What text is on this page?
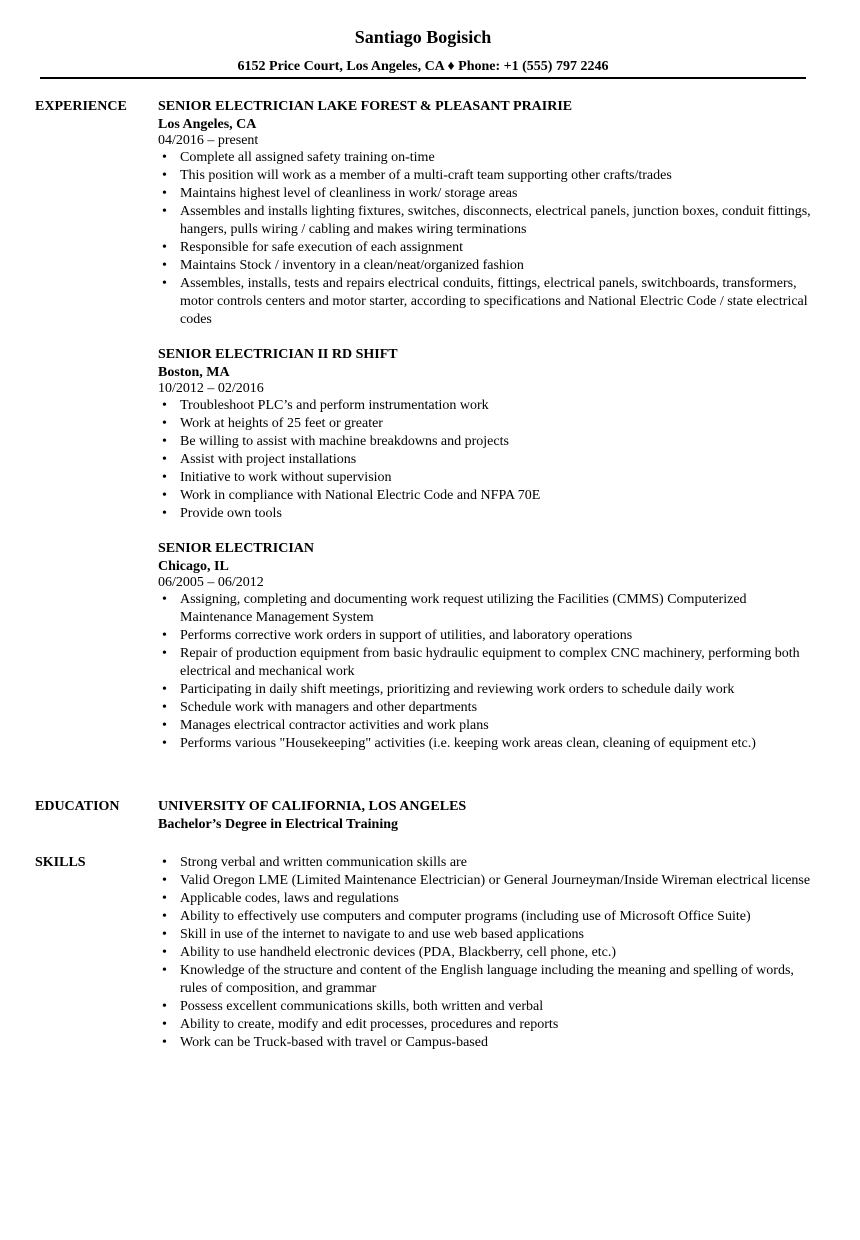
Santiago Bogisich
6152 Price Court, Los Angeles, CA ♦ Phone: +1 (555) 797 2246
EXPERIENCE SENIOR ELECTRICIAN LAKE FOREST & PLEASANT PRAIRIE
Los Angeles, CA
04/2016 – present
• Complete all assigned safety training on-time
• This position will work as a member of a multi-craft team supporting other crafts/trades
• Maintains highest level of cleanliness in work/ storage areas
• Assembles and installs lighting fixtures, switches, disconnects, electrical panels, junction boxes, conduit fittings, hangers, pulls wiring / cabling and makes wiring terminations
• Responsible for safe execution of each assignment
• Maintains Stock / inventory in a clean/neat/organized fashion
• Assembles, installs, tests and repairs electrical conduits, fittings, electrical panels, switchboards, transformers, motor controls centers and motor starter, according to specifications and National Electric Code / state electrical codes
SENIOR ELECTRICIAN II RD SHIFT
Boston, MA
10/2012 – 02/2016
• Troubleshoot PLC’s and perform instrumentation work
• Work at heights of 25 feet or greater
• Be willing to assist with machine breakdowns and projects
• Assist with project installations
• Initiative to work without supervision
• Work in compliance with National Electric Code and NFPA 70E
• Provide own tools
SENIOR ELECTRICIAN
Chicago, IL
06/2005 – 06/2012
• Assigning, completing and documenting work request utilizing the Facilities (CMMS) Computerized Maintenance Management System
• Performs corrective work orders in support of utilities, and laboratory operations
• Repair of production equipment from basic hydraulic equipment to complex CNC machinery, performing both electrical and mechanical work
• Participating in daily shift meetings, prioritizing and reviewing work orders to schedule daily work
• Schedule work with managers and other departments
• Manages electrical contractor activities and work plans
• Performs various "Housekeeping" activities (i.e. keeping work areas clean, cleaning of equipment etc.)
EDUCATION	UNIVERSITY OF CALIFORNIA, LOS ANGELES
Bachelor’s Degree in Electrical Training
SKILLS
•	Strong verbal and written communication skills are
• Valid Oregon LME (Limited Maintenance Electrician) or General Journeyman/Inside Wireman electrical license
• Applicable codes, laws and regulations
• Ability to effectively use computers and computer programs (including use of Microsoft Office Suite)
• Skill in use of the internet to navigate to and use web based applications
• Ability to use handheld electronic devices (PDA, Blackberry, cell phone, etc.)
• Knowledge of the structure and content of the English language including the meaning and spelling of words, rules of composition, and grammar
• Possess excellent communications skills, both written and verbal
• Ability to create, modify and edit processes, procedures and reports
• Work can be Truck-based with travel or Campus-based
